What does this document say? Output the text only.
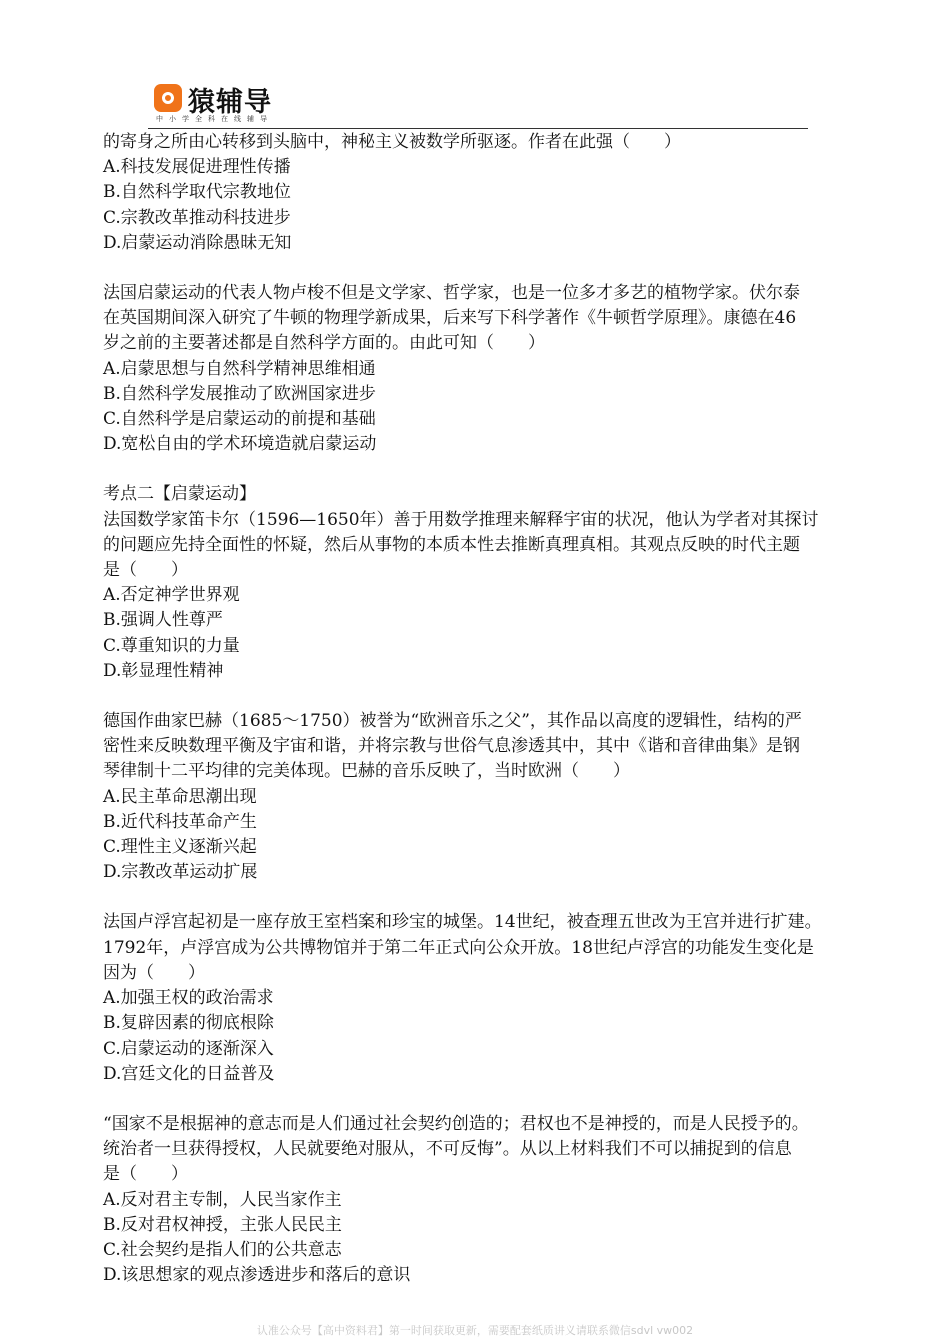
猿辅导
中小学全科在线辅导
的寄身之所由心转移到头脑中，神秘主义被数学所驱逐。作者在此强（　　）
A.科技发展促进理性传播
B.自然科学取代宗教地位
C.宗教改革推动科技进步
D.启蒙运动消除愚昧无知
法国启蒙运动的代表人物卢梭不但是文学家、哲学家，也是一位多才多艺的植物学家。伏尔泰
在英国期间深入研究了牛顿的物理学新成果，后来写下科学著作《牛顿哲学原理》。康德在46
岁之前的主要著述都是自然科学方面的。由此可知（　　）
A.启蒙思想与自然科学精神思维相通
B.自然科学发展推动了欧洲国家进步
C.自然科学是启蒙运动的前提和基础
D.宽松自由的学术环境造就启蒙运动
考点二【启蒙运动】
法国数学家笛卡尔（1596—1650年）善于用数学推理来解释宇宙的状况，他认为学者对其探讨
的问题应先持全面性的怀疑，然后从事物的本质本性去推断真理真相。其观点反映的时代主题
是（　　）
A.否定神学世界观
B.强调人性尊严
C.尊重知识的力量
D.彰显理性精神
德国作曲家巴赫（1685～1750）被誉为“欧洲音乐之父”，其作品以高度的逻辑性，结构的严
密性来反映数理平衡及宇宙和谐，并将宗教与世俗气息渗透其中，其中《谐和音律曲集》是钢
琴律制十二平均律的完美体现。巴赫的音乐反映了，当时欧洲（　　）
A.民主革命思潮出现
B.近代科技革命产生
C.理性主义逐渐兴起
D.宗教改革运动扩展
法国卢浮宫起初是一座存放王室档案和珍宝的城堡。14世纪，被查理五世改为王宫并进行扩建。
1792年，卢浮宫成为公共博物馆并于第二年正式向公众开放。18世纪卢浮宫的功能发生变化是
因为（　　）
A.加强王权的政治需求
B.复辟因素的彻底根除
C.启蒙运动的逐渐深入
D.宫廷文化的日益普及
“国家不是根据神的意志而是人们通过社会契约创造的；君权也不是神授的，而是人民授予的。
统治者一旦获得授权，人民就要绝对服从，不可反悔”。从以上材料我们不可以捕捉到的信息
是（　　）
A.反对君主专制，人民当家作主
B.反对君权神授，主张人民民主
C.社会契约是指人们的公共意志
D.该思想家的观点渗透进步和落后的意识
认准公众号【高中资料君】第一时间获取更新，需要配套纸质讲义请联系微信sdvl vw002
